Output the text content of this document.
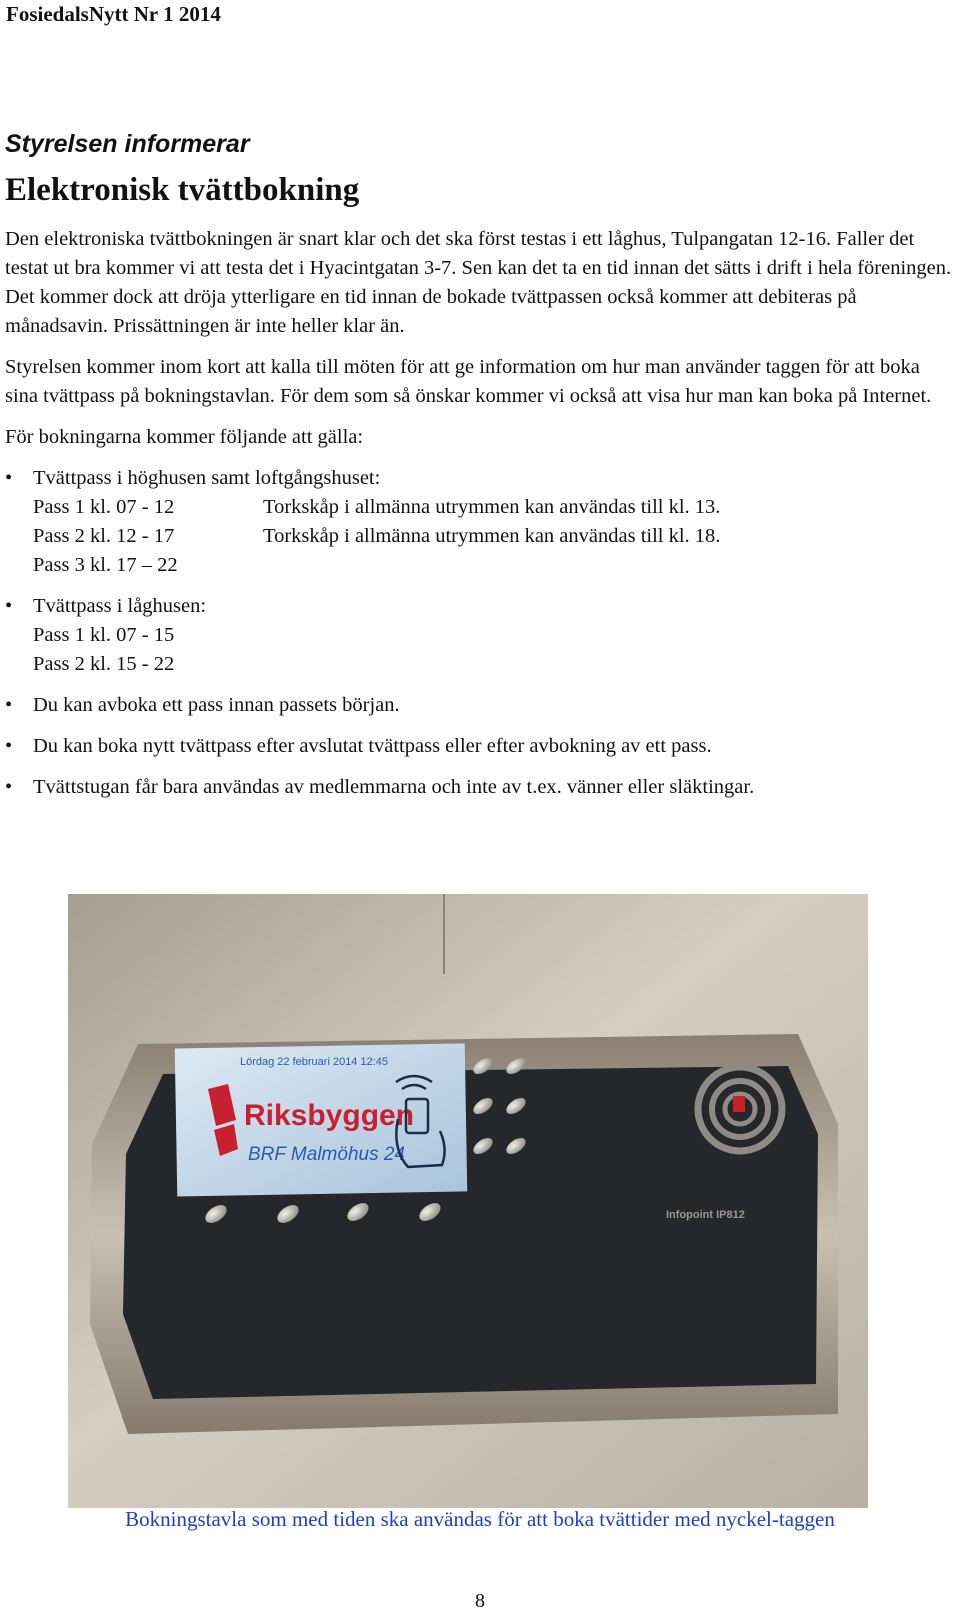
FosiedalsNytt Nr 1 2014
Styrelsen informerar
Elektronisk tvättbokning

Den elektroniska tvättbokningen är snart klar och det ska först testas i ett låghus, Tulpangatan 12-16. Faller det testat ut bra kommer vi att testa det i Hyacintgatan 3-7. Sen kan det ta en tid innan det sätts i drift i hela föreningen. Det kommer dock att dröja ytterligare en tid innan de bokade tvättpassen också kommer att debiteras på månadsavin. Prissättningen är inte heller klar än.

Styrelsen kommer inom kort att kalla till möten för att ge information om hur man använder taggen för att boka sina tvättpass på bokningstavlan. För dem som så önskar kommer vi också att visa hur man kan boka på Internet.

För bokningarna kommer följande att gälla:

• Tvättpass i höghusen samt loftgångshuset:
Pass 1 kl. 07 - 12	Torkskåp i allmänna utrymmen kan användas till kl. 13.
Pass 2 kl. 12 - 17	Torkskåp i allmänna utrymmen kan användas till kl. 18.
Pass 3 kl. 17 – 22
• Tvättpass i låghusen:
Pass 1 kl. 07 - 15
Pass 2 kl. 15 - 22
• Du kan avboka ett pass innan passets början.
• Du kan boka nytt tvättpass efter avslutat tvättpass eller efter avbokning av ett pass.
• Tvättstugan får bara användas av medlemmarna och inte av t.ex. vänner eller släktingar.
Lördag 22 februari 2014 12:45
Riksbyggen
BRF Malmöhus 24
Infopoint IP812
Bokningstavla som med tiden ska användas för att boka tvättider med nyckel-taggen
8
